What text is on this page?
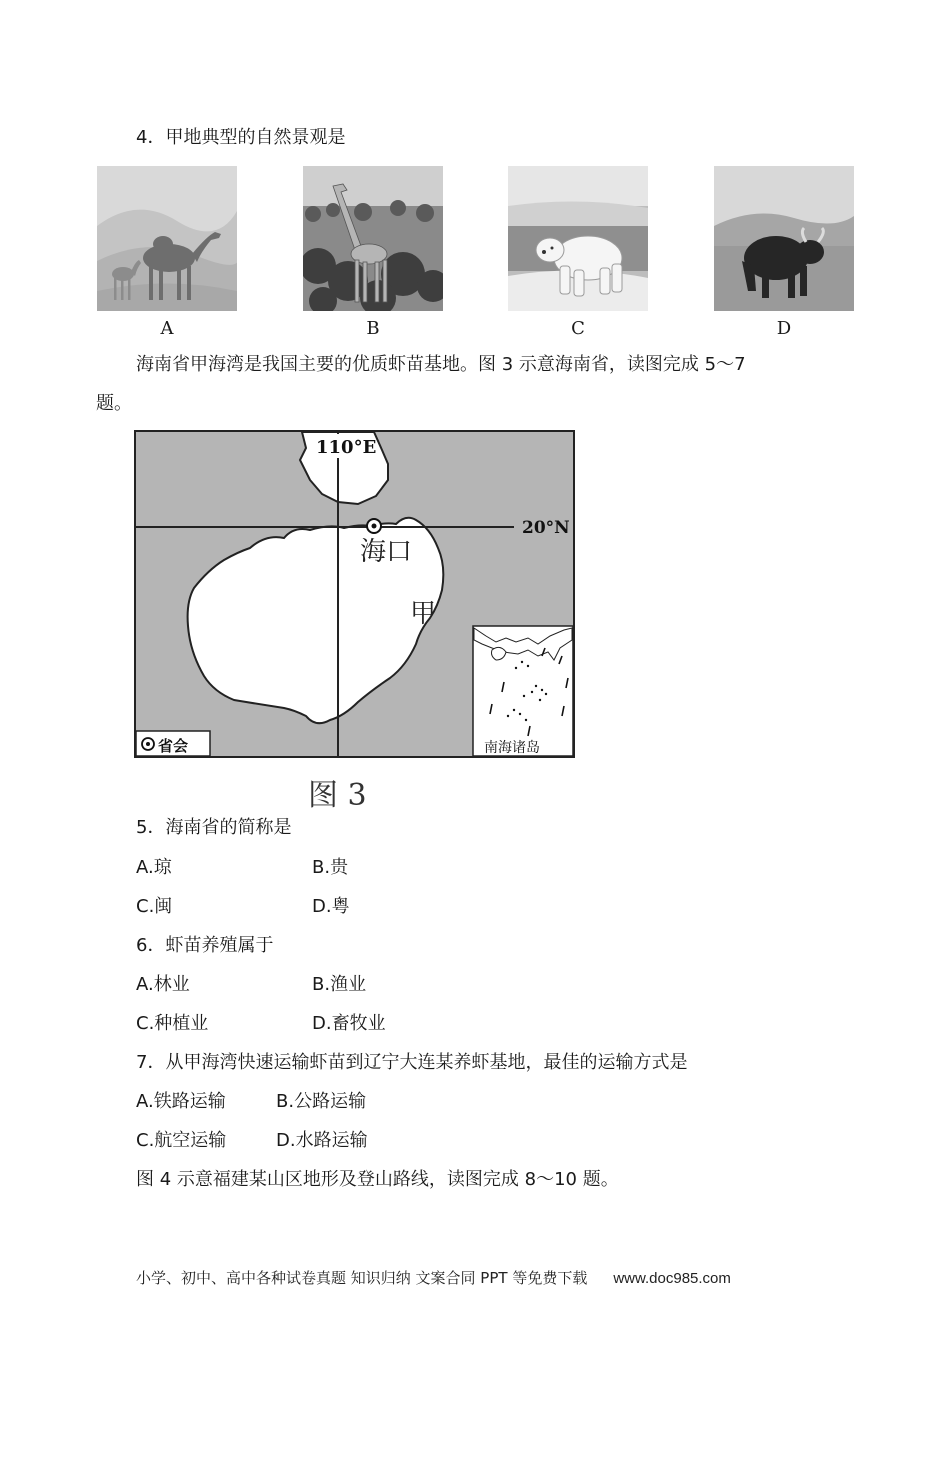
4．甲地典型的自然景观是
A	B	C	D
海南省甲海湾是我国主要的优质虾苗基地。图 3 示意海南省，读图完成 5～7
题。
110°E
20°N
海口
甲
省会	南海诸岛
图 3
5．海南省的简称是
A.琼	B.贵
C.闽	D.粤
6．虾苗养殖属于
A.林业	B.渔业
C.种植业	D.畜牧业
7．从甲海湾快速运输虾苗到辽宁大连某养虾基地，最佳的运输方式是
A.铁路运输	B.公路运输
C.航空运输	D.水路运输
图 4 示意福建某山区地形及登山路线，读图完成 8～10 题。
小学、初中、高中各种试卷真题 知识归纳 文案合同 PPT 等免费下载 www.doc985.com
